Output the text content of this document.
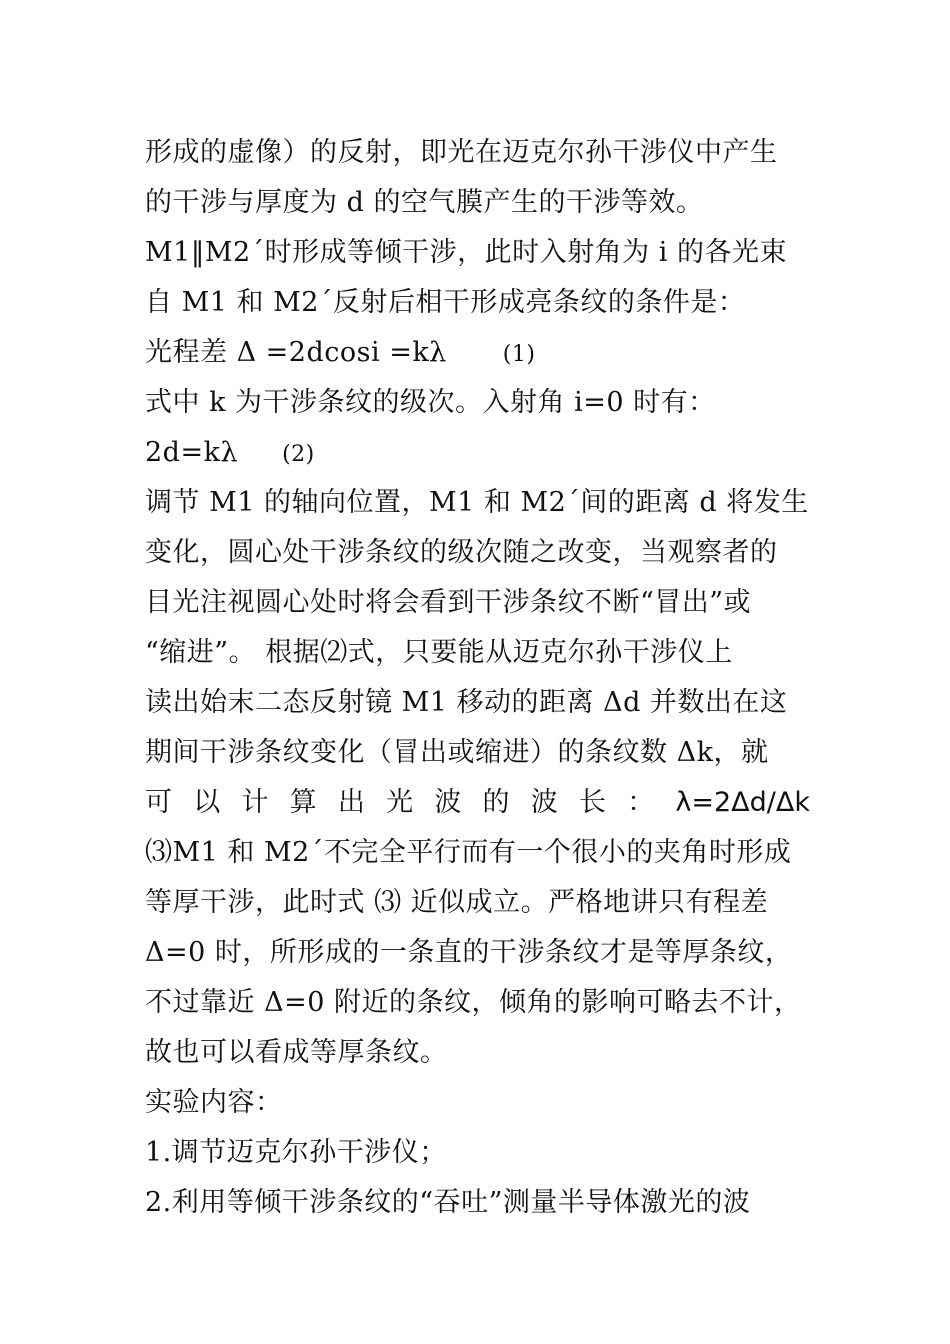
形成的虚像）的反射，即光在迈克尔孙干涉仪中产生
的干涉与厚度为 d 的空气膜产生的干涉等效。
M1‖M2´时形成等倾干涉，此时入射角为 i 的各光束
自 M1 和 M2´反射后相干形成亮条纹的条件是：
光程差 Δ =2dcosi =kλ	(1)
式中 k 为干涉条纹的级次。入射角 i=0 时有：
2d=kλ (2)
调节 M1 的轴向位置，M1 和 M2´间的距离 d 将发生
变化，圆心处干涉条纹的级次随之改变，当观察者的
目光注视圆心处时将会看到干涉条纹不断“冒出”或
“缩进”。 根据⑵式，只要能从迈克尔孙干涉仪上
读出始末二态反射镜 M1 移动的距离 Δd 并数出在这
期间干涉条纹变化（冒出或缩进）的条纹数 Δk，就
可 以 计 算 出 光 波 的 波 长 ： λ=2Δd/Δk
⑶M1 和 M2´不完全平行而有一个很小的夹角时形成
等厚干涉，此时式 ⑶ 近似成立。严格地讲只有程差
Δ=0 时，所形成的一条直的干涉条纹才是等厚条纹，
不过靠近 Δ=0 附近的条纹，倾角的影响可略去不计，
故也可以看成等厚条纹。
实验内容：
1.调节迈克尔孙干涉仪；
2.利用等倾干涉条纹的“吞吐”测量半导体激光的波
